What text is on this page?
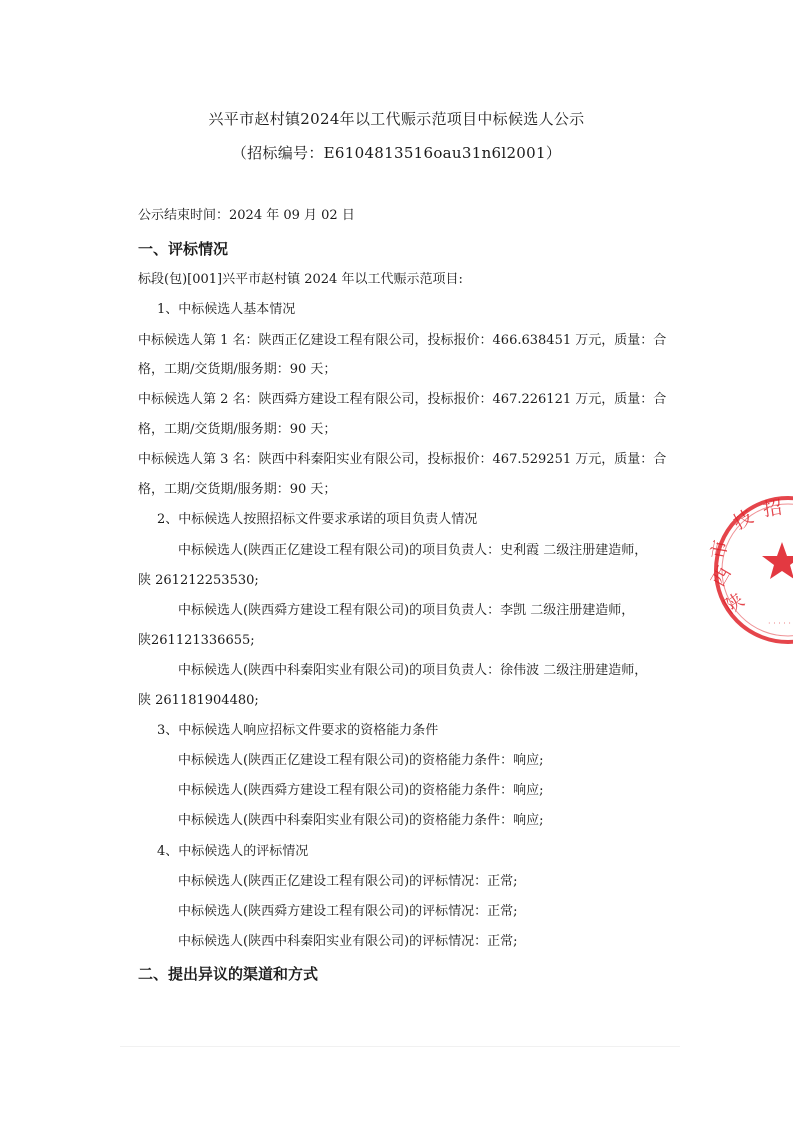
兴平市赵村镇2024年以工代赈示范项目中标候选人公示
（招标编号：E6104813516oau31n6l2001）
公示结束时间：2024 年 09 月 02 日
一、评标情况
标段(包)[001]兴平市赵村镇 2024 年以工代赈示范项目:
1、中标候选人基本情况
中标候选人第 1 名：陕西正亿建设工程有限公司，投标报价：466.638451 万元，质量：合
格，工期/交货期/服务期：90 天；
中标候选人第 2 名：陕西舜方建设工程有限公司，投标报价：467.226121 万元，质量：合
格，工期/交货期/服务期：90 天；
中标候选人第 3 名：陕西中科秦阳实业有限公司，投标报价：467.529251 万元，质量：合
格，工期/交货期/服务期：90 天；
2、中标候选人按照招标文件要求承诺的项目负责人情况
中标候选人(陕西正亿建设工程有限公司)的项目负责人：史利霞 二级注册建造师，
陕 261212253530;
中标候选人(陕西舜方建设工程有限公司)的项目负责人：李凯 二级注册建造师，
陕261121336655;
中标候选人(陕西中科秦阳实业有限公司)的项目负责人：徐伟波 二级注册建造师，
陕 261181904480;
3、中标候选人响应招标文件要求的资格能力条件
中标候选人(陕西正亿建设工程有限公司)的资格能力条件：响应;
中标候选人(陕西舜方建设工程有限公司)的资格能力条件：响应;
中标候选人(陕西中科秦阳实业有限公司)的资格能力条件：响应;
4、中标候选人的评标情况
中标候选人(陕西正亿建设工程有限公司)的评标情况：正常;
中标候选人(陕西舜方建设工程有限公司)的评标情况：正常;
中标候选人(陕西中科秦阳实业有限公司)的评标情况：正常;
二、提出异议的渠道和方式
陕
西
市
技 招
· · · · ·
